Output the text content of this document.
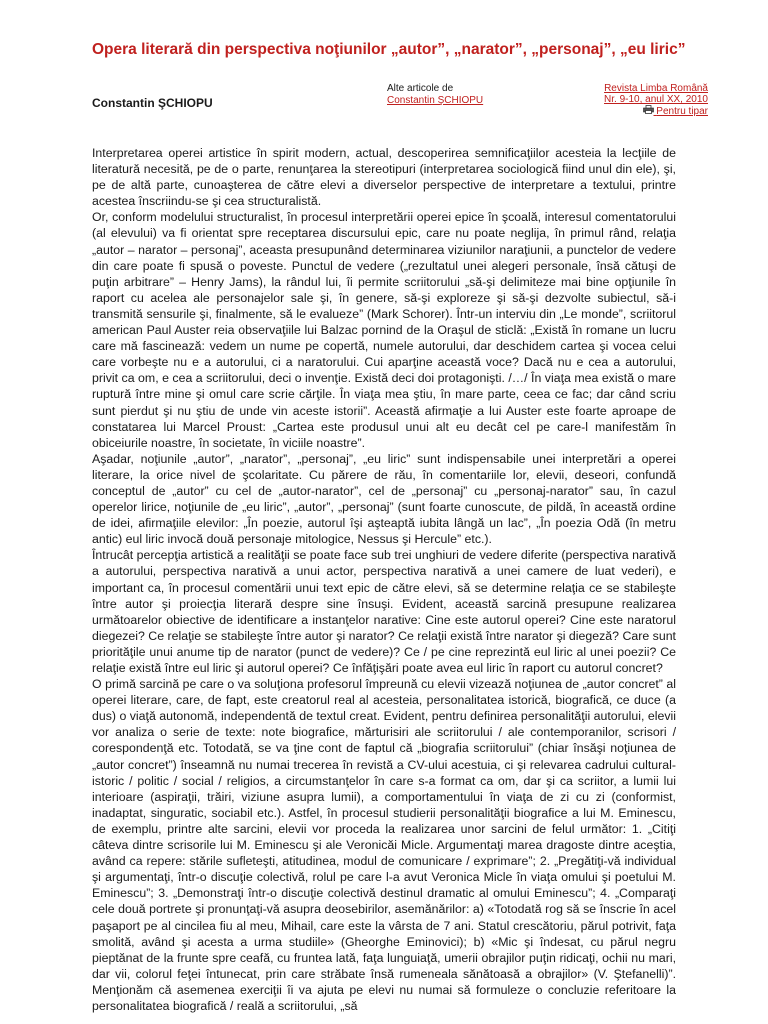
Opera literară din perspectiva noţiunilor „autor”, „narator”, „personaj”, „eu liric”
Constantin ŞCHIOPU
Alte articole de
Constantin ŞCHIOPU
Revista Limba Română
Nr. 9-10, anul XX, 2010
Pentru tipar

Interpretarea operei artistice în spirit modern, actual, descoperirea semnificaţiilor acesteia la lecţiile de literatură necesită, pe de o parte, renunţarea la stereotipuri (interpretarea sociologică fiind unul din ele), şi, pe de altă parte, cunoaşterea de către elevi a diverselor perspective de interpretare a textului, printre acestea înscriindu-se şi cea structuralistă.

Or, conform modelului structuralist, în procesul interpretării operei epice în şcoală, interesul comentatorului (al elevului) va fi orientat spre receptarea discursului epic, care nu poate neglija, în primul rând, relaţia „autor – narator – personaj”, aceasta presupunând determinarea viziunilor naraţiunii, a punctelor de vedere din care poate fi spusă o poveste. Punctul de vedere („rezultatul unei alegeri personale, însă cătuşi de puţin arbitrare” – Henry Jams), la rândul lui, îi permite scriitorului „să-şi delimiteze mai bine opţiunile în raport cu acelea ale personajelor sale şi, în genere, să-şi exploreze şi să-şi dezvolte subiectul, să-i transmită sensurile şi, finalmente, să le evalueze” (Mark Schorer). Într-un interviu din „Le monde”, scriitorul american Paul Auster reia observaţiile lui Balzac pornind de la Oraşul de sticlă: „Există în romane un lucru care mă fascinează: vedem un nume pe copertă, numele autorului, dar deschidem cartea şi vocea celui care vorbeşte nu e a autorului, ci a naratorului. Cui aparţine această voce? Dacă nu e cea a autorului, privit ca om, e cea a scriitorului, deci o invenţie. Există deci doi protagonişti. /…/ În viaţa mea există o mare ruptură între mine şi omul care scrie cărţile. În viaţa mea ştiu, în mare parte, ceea ce fac; dar când scriu sunt pierdut şi nu ştiu de unde vin aceste istorii”. Această afirmaţie a lui Auster este foarte aproape de constatarea lui Marcel Proust: „Cartea este produsul unui alt eu decât cel pe care-l manifestăm în obiceiurile noastre, în societate, în viciile noastre”.

Aşadar, noţiunile „autor”, „narator”, „personaj”, „eu liric” sunt indispensabile unei interpretări a operei literare, la orice nivel de şcolaritate. Cu părere de rău, în comentariile lor, elevii, deseori, confundă conceptul de „autor” cu cel de „autor-narator”, cel de „personaj” cu „personaj-narator” sau, în cazul operelor lirice, noţiunile de „eu liric”, „autor”, „personaj” (sunt foarte cunoscute, de pildă, în această ordine de idei, afirmaţiile elevilor: „În poezie, autorul îşi aşteaptă iubita lângă un lac”, „În poezia Odă (în metru antic) eul liric invocă două personaje mitologice, Nessus şi Hercule” etc.).

Întrucât percepţia artistică a realităţii se poate face sub trei unghiuri de vedere diferite (perspectiva narativă a autorului, perspectiva narativă a unui actor, perspectiva narativă a unei camere de luat vederi), e important ca, în procesul comentării unui text epic de către elevi, să se determine relaţia ce se stabileşte între autor şi proiecţia literară despre sine însuşi. Evident, această sarcină presupune realizarea următoarelor obiective de identificare a instanţelor narative: Cine este autorul operei? Cine este naratorul diegezei? Ce relaţie se stabileşte între autor şi narator? Ce relaţii există între narator şi diegeză? Care sunt priorităţile unui anume tip de narator (punct de vedere)? Ce / pe cine reprezintă eul liric al unei poezii? Ce relaţie există între eul liric şi autorul operei? Ce înfăţişări poate avea eul liric în raport cu autorul concret?

O primă sarcină pe care o va soluţiona profesorul împreună cu elevii vizează noţiunea de „autor concret” al operei literare, care, de fapt, este creatorul real al acesteia, personalitatea istorică, biografică, ce duce (a dus) o viaţă autonomă, independentă de textul creat. Evident, pentru definirea personalităţii autorului, elevii vor analiza o serie de texte: note biografice, mărturisiri ale scriitorului / ale contemporanilor, scrisori / corespondenţă etc. Totodată, se va ţine cont de faptul că „biografia scriitorului” (chiar însăşi noţiunea de „autor concret”) înseamnă nu numai trecerea în revistă a CV-ului acestuia, ci şi relevarea cadrului cultural-istoric / politic / social / religios, a circumstanţelor în care s-a format ca om, dar şi ca scriitor, a lumii lui interioare (aspiraţii, trăiri, viziune asupra lumii), a comportamentului în viaţa de zi cu zi (conformist, inadaptat, singuratic, sociabil etc.). Astfel, în procesul studierii personalităţii biografice a lui M. Eminescu, de exemplu, printre alte sarcini, elevii vor proceda la realizarea unor sarcini de felul următor: 1. „Citiţi câteva dintre scrisorile lui M. Eminescu şi ale Veronicăi Micle. Argumentaţi marea dragoste dintre aceştia, având ca repere: stările sufleteşti, atitudinea, modul de comunicare / exprimare”; 2. „Pregătiţi-vă individual şi argumentaţi, într-o discuţie colectivă, rolul pe care l-a avut Veronica Micle în viaţa omului şi poetului M. Eminescu”; 3. „Demonstraţi într-o discuţie colectivă destinul dramatic al omului Eminescu”; 4. „Comparaţi cele două portrete şi pronunţaţi-vă asupra deosebirilor, asemănărilor: a) «Totodată rog să se înscrie în acel paşaport pe al cincilea fiu al meu, Mihail, care este la vârsta de 7 ani. Statul crescătoriu, părul potrivit, faţa smolită, având şi acesta a urma studiile» (Gheorghe Eminovici); b) «Mic şi îndesat, cu părul negru pieptănat de la frunte spre ceafă, cu fruntea lată, faţa lunguiaţă, umerii obrajilor puţin ridicaţi, ochii nu mari, dar vii, colorul feţei întunecat, prin care străbate însă rumeneala sănătoasă a obrajilor» (V. Ştefanelli)”. Menţionăm că asemenea exerciţii îi va ajuta pe elevi nu numai să formuleze o concluzie referitoare la personalitatea biografică / reală a scriitorului, „să
